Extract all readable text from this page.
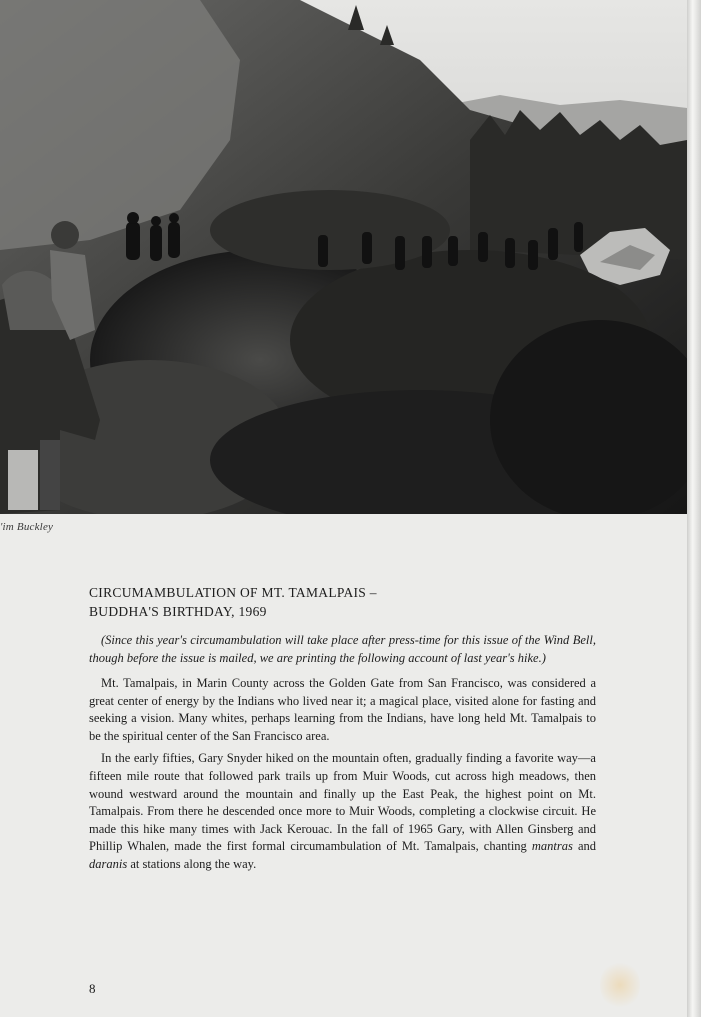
'im Buckley
CIRCUMAMBULATION OF MT. TAMALPAIS –
BUDDHA'S BIRTHDAY, 1969

(Since this year's circumambulation will take place after press-time for this issue of the Wind Bell, though before the issue is mailed, we are printing the following account of last year's hike.)

Mt. Tamalpais, in Marin County across the Golden Gate from San Francisco, was considered a great center of energy by the Indians who lived near it; a magical place, visited alone for fasting and seeking a vision. Many whites, perhaps learning from the Indians, have long held Mt. Tamalpais to be the spiritual center of the San Francisco area.

In the early fifties, Gary Snyder hiked on the mountain often, gradually finding a favorite way—a fifteen mile route that followed park trails up from Muir Woods, cut across high meadows, then wound westward around the mountain and finally up the East Peak, the highest point on Mt. Tamalpais. From there he descended once more to Muir Woods, completing a clockwise circuit. He made this hike many times with Jack Kerouac. In the fall of 1965 Gary, with Allen Ginsberg and Phillip Whalen, made the first formal circumambulation of Mt. Tamalpais, chanting mantras and daranis at stations along the way.

8
